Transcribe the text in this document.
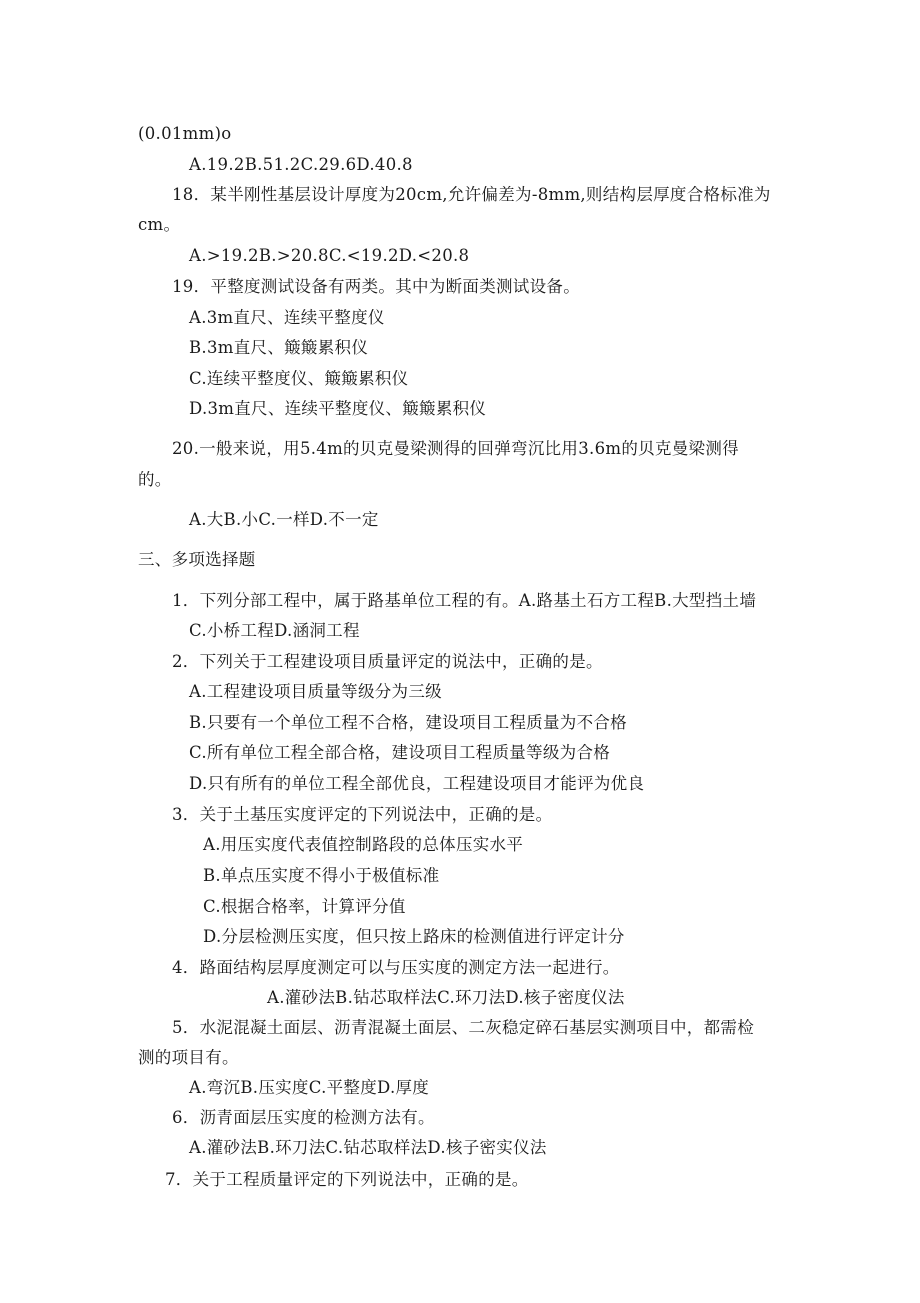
(0.01mm)o
A.19.2B.51.2C.29.6D.40.8
18．某半刚性基层设计厚度为20cm,允许偏差为-8mm,则结构层厚度合格标准为
cm。
A.>19.2B.>20.8C.<19.2D.<20.8
19．平整度测试设备有两类。其中为断面类测试设备。
A.3m直尺、连续平整度仪
B.3m直尺、簸簸累积仪
C.连续平整度仪、簸簸累积仪
D.3m直尺、连续平整度仪、簸簸累积仪
20.一般来说，用5.4m的贝克曼梁测得的回弹弯沉比用3.6m的贝克曼梁测得
的。
A.大B.小C.一样D.不一定
三、多项选择题
1．下列分部工程中，属于路基单位工程的有。A.路基土石方工程B.大型挡土墙
C.小桥工程D.涵洞工程
2．下列关于工程建设项目质量评定的说法中，正确的是。
A.工程建设项目质量等级分为三级
B.只要有一个单位工程不合格，建设项目工程质量为不合格
C.所有单位工程全部合格，建设项目工程质量等级为合格
D.只有所有的单位工程全部优良，工程建设项目才能评为优良
3．关于土基压实度评定的下列说法中，正确的是。
A.用压实度代表值控制路段的总体压实水平
B.单点压实度不得小于极值标准
C.根据合格率，计算评分值
D.分层检测压实度，但只按上路床的检测值进行评定计分
4．路面结构层厚度测定可以与压实度的测定方法一起进行。
A.灌砂法B.钻芯取样法C.环刀法D.核子密度仪法
5．水泥混凝土面层、沥青混凝土面层、二灰稳定碎石基层实测项目中，都需检
测的项目有。
A.弯沉B.压实度C.平整度D.厚度
6．沥青面层压实度的检测方法有。
A.灌砂法B.环刀法C.钻芯取样法D.核子密实仪法
7．关于工程质量评定的下列说法中，正确的是。
